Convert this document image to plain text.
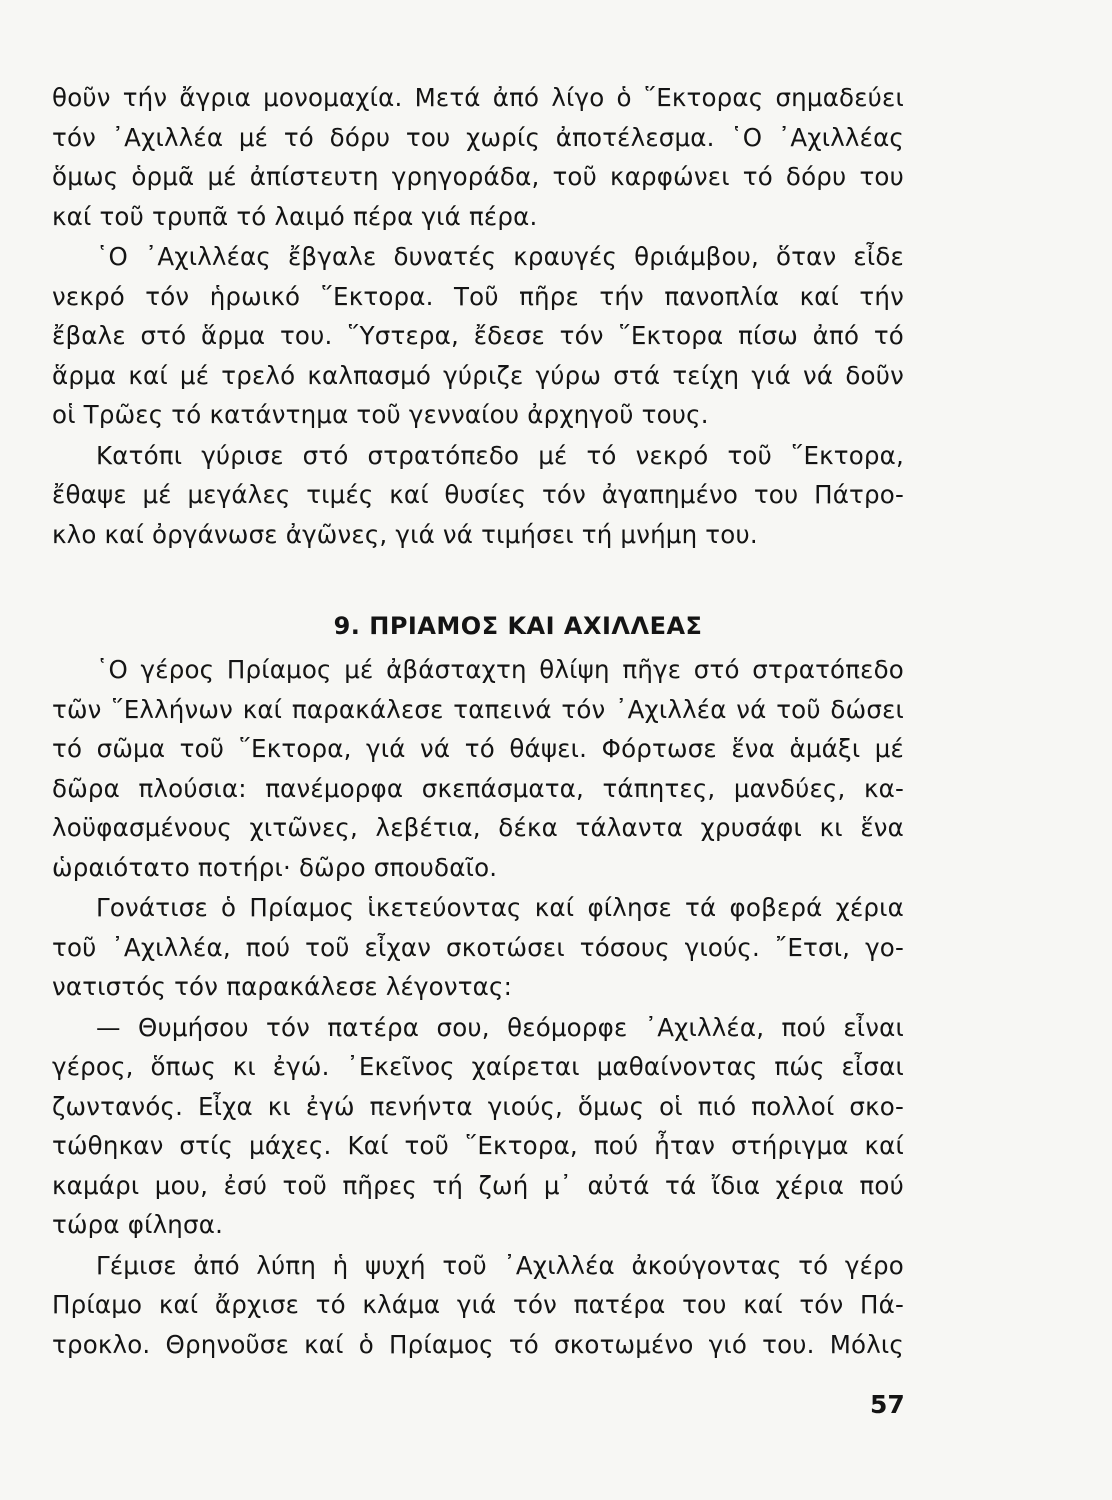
θοῦν τήν ἄγρια μονομαχία. Μετά ἀπό λίγο ὁ ῞Εκτορας σημαδεύει
τόν ᾿Αχιλλέα μέ τό δόρυ του χωρίς ἀποτέλεσμα. ῾Ο ᾿Αχιλλέας
ὅμως ὁρμᾶ μέ ἀπίστευτη γρηγοράδα, τοῦ καρφώνει τό δόρυ του
καί τοῦ τρυπᾶ τό λαιμό πέρα γιά πέρα.

῾Ο ᾿Αχιλλέας ἔβγαλε δυνατές κραυγές θριάμβου, ὅταν εἶδε
νεκρό τόν ἡρωικό ῞Εκτορα. Τοῦ πῆρε τήν πανοπλία καί τήν
ἔβαλε στό ἅρμα του. ῞Υστερα, ἔδεσε τόν ῞Εκτορα πίσω ἀπό τό
ἅρμα καί μέ τρελό καλπασμό γύριζε γύρω στά τείχη γιά νά δοῦν
οἱ Τρῶες τό κατάντημα τοῦ γενναίου ἀρχηγοῦ τους.

Κατόπι γύρισε στό στρατόπεδο μέ τό νεκρό τοῦ ῞Εκτορα,
ἔθαψε μέ μεγάλες τιμές καί θυσίες τόν ἀγαπημένο του Πάτρο-
κλο καί ὀργάνωσε ἀγῶνες, γιά νά τιμήσει τή μνήμη του.

9. ΠΡΙΑΜΟΣ ΚΑΙ ΑΧΙΛΛΕΑΣ

῾Ο γέρος Πρίαμος μέ ἀβάσταχτη θλίψη πῆγε στό στρατόπεδο
τῶν ῞Ελλήνων καί παρακάλεσε ταπεινά τόν ᾿Αχιλλέα νά τοῦ δώσει
τό σῶμα τοῦ ῞Εκτορα, γιά νά τό θάψει. Φόρτωσε ἕνα ἁμάξι μέ
δῶρα πλούσια: πανέμορφα σκεπάσματα, τάπητες, μανδύες, κα-
λοϋφασμένους χιτῶνες, λεβέτια, δέκα τάλαντα χρυσάφι κι ἕνα
ὡραιότατο ποτήρι· δῶρο σπουδαῖο.

Γονάτισε ὁ Πρίαμος ἱκετεύοντας καί φίλησε τά φοβερά χέρια
τοῦ ᾿Αχιλλέα, πού τοῦ εἶχαν σκοτώσει τόσους γιούς. ῎Ετσι, γο-
νατιστός τόν παρακάλεσε λέγοντας:

— Θυμήσου τόν πατέρα σου, θεόμορφε ᾿Αχιλλέα, πού εἶναι
γέρος, ὅπως κι ἐγώ. ᾿Εκεῖνος χαίρεται μαθαίνοντας πώς εἶσαι
ζωντανός. Εἶχα κι ἐγώ πενήντα γιούς, ὅμως οἱ πιό πολλοί σκο-
τώθηκαν στίς μάχες. Καί τοῦ ῞Εκτορα, πού ἦταν στήριγμα καί
καμάρι μου, ἐσύ τοῦ πῆρες τή ζωή μ᾿ αὐτά τά ἴδια χέρια πού
τώρα φίλησα.

Γέμισε ἀπό λύπη ἡ ψυχή τοῦ ᾿Αχιλλέα ἀκούγοντας τό γέρο
Πρίαμο καί ἄρχισε τό κλάμα γιά τόν πατέρα του καί τόν Πά-
τροκλο. Θρηνοῦσε καί ὁ Πρίαμος τό σκοτωμένο γιό του. Μόλις

57
